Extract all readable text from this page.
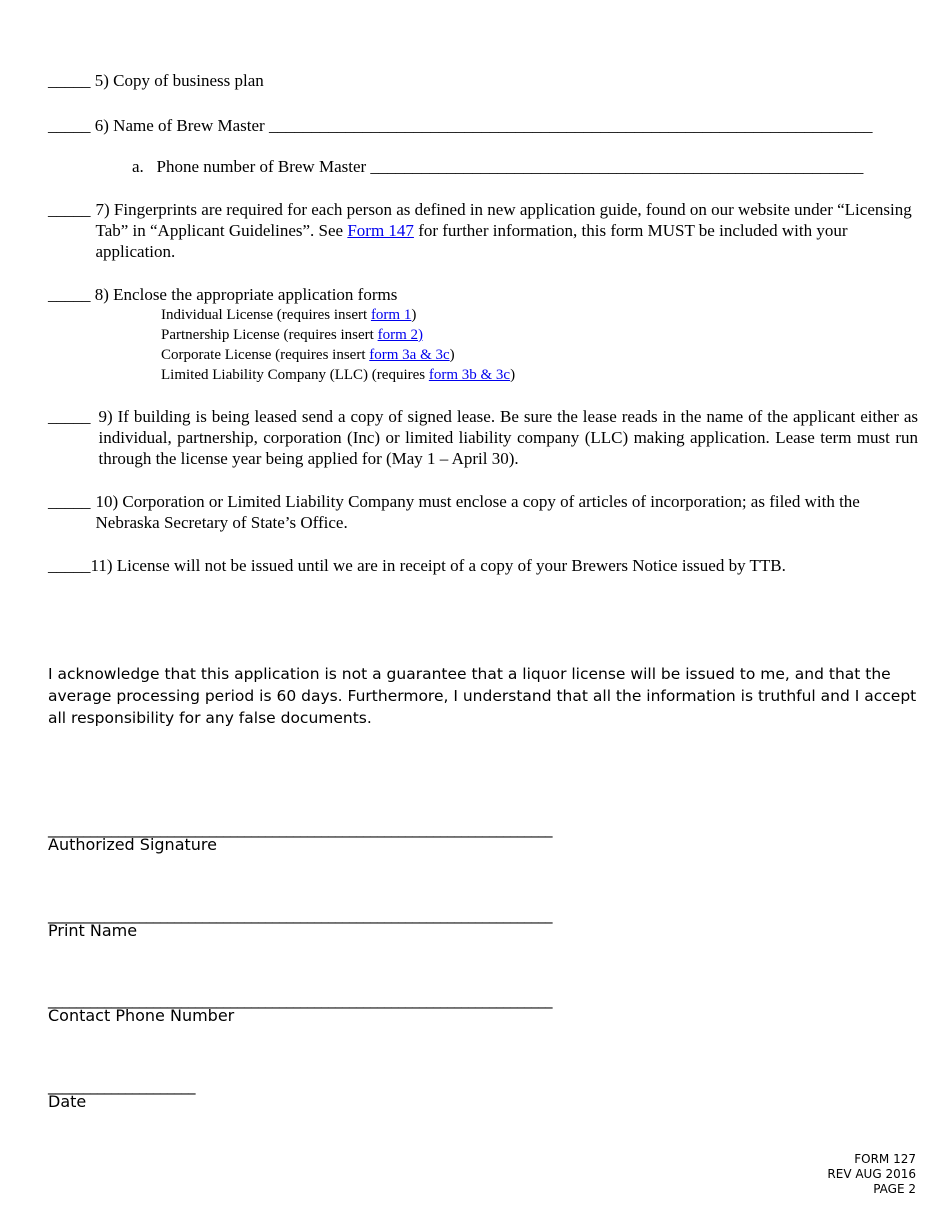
_____ 5) Copy of business plan
_____ 6) Name of Brew Master _______________________________________________________________________
a. Phone number of Brew Master __________________________________________________________
_____ 7) Fingerprints are required for each person as defined in new application guide, found on our website under “Licensing Tab” in “Applicant Guidelines”. See Form 147 for further information, this form MUST be included with your application.
_____ 8) Enclose the appropriate application forms
Individual License (requires insert form 1)
Partnership License (requires insert form 2)
Corporate License (requires insert form 3a & 3c)
Limited Liability Company (LLC) (requires form 3b & 3c)
_____ 9) If building is being leased send a copy of signed lease. Be sure the lease reads in the name of the applicant either as individual, partnership, corporation (Inc) or limited liability company (LLC) making application. Lease term must run through the license year being applied for (May 1 – April 30).
_____ 10) Corporation or Limited Liability Company must enclose a copy of articles of incorporation; as filed with the Nebraska Secretary of State’s Office.
_____11) License will not be issued until we are in receipt of a copy of your Brewers Notice issued by TTB.
I acknowledge that this application is not a guarantee that a liquor license will be issued to me, and that the average processing period is 60 days. Furthermore, I understand that all the information is truthful and I accept all responsibility for any false documents.
________________________________________________________________________
Authorized Signature
________________________________________________________________________
Print Name
________________________________________________________________________
Contact Phone Number
_____________________
Date
FORM 127
REV AUG 2016
PAGE 2
